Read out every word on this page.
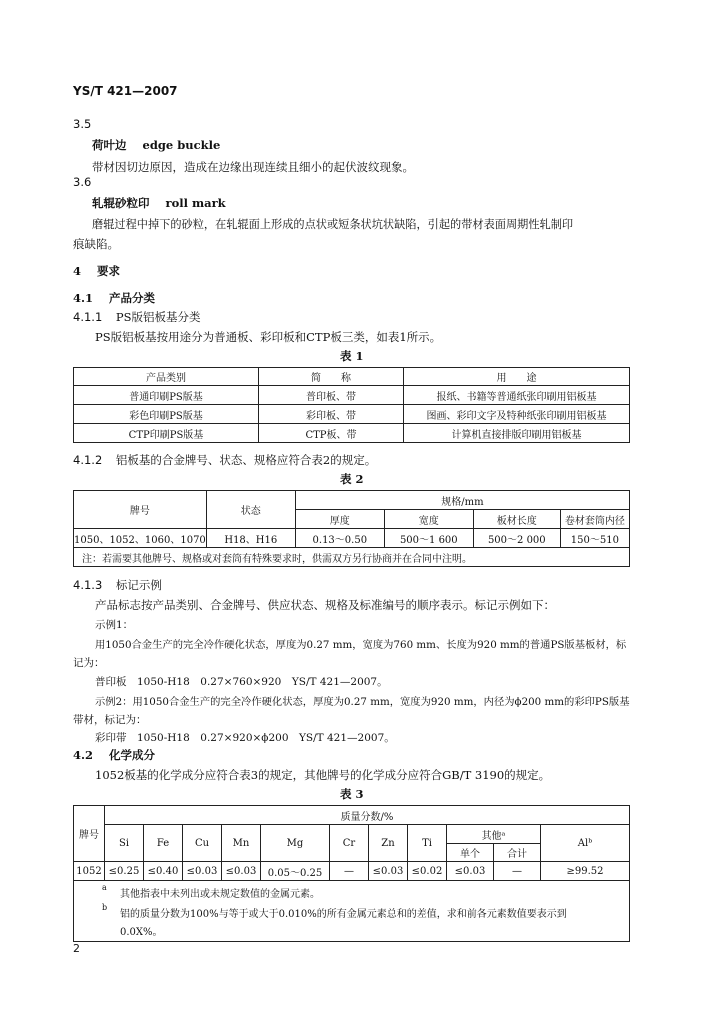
YS/T 421—2007
3.5
荷叶边 edge buckle
带材因切边原因，造成在边缘出现连续且细小的起伏波纹现象。
3.6
轧辊砂粒印 roll mark
磨辊过程中掉下的砂粒，在轧辊面上形成的点状或短条状坑状缺陷，引起的带材表面周期性轧制印
痕缺陷。
4 要求
4.1 产品分类
4.1.1 PS版铝板基分类
PS版铝板基按用途分为普通板、彩印板和CTP板三类，如表1所示。
表 1
产品类别	简　　称	用　　途
普通印刷PS版基	普印板、带	报纸、书籍等普通纸张印刷用铝板基
彩色印刷PS版基	彩印板、带	图画、彩印文字及特种纸张印刷用铝板基
CTP印刷PS版基	CTP板、带	计算机直接排版印刷用铝板基
4.1.2 铝板基的合金牌号、状态、规格应符合表2的规定。
表 2
牌号	状态	规格/mm			
		厚度	宽度	板材长度	卷材套筒内径
1050、1052、1060、1070	H18、H16	0.13～0.50	500～1 600	500～2 000	150～510
注：若需要其他牌号、规格或对套筒有特殊要求时，供需双方另行协商并在合同中注明。					
4.1.3 标记示例
产品标志按产品类别、合金牌号、供应状态、规格及标准编号的顺序表示。标记示例如下：
示例1：
用1050合金生产的完全冷作硬化状态，厚度为0.27 mm，宽度为760 mm、长度为920 mm的普通PS版基板材，标
记为：
普印板　1050-H18　0.27×760×920　YS/T 421—2007。
示例2：用1050合金生产的完全冷作硬化状态，厚度为0.27 mm，宽度为920 mm，内径为ϕ200 mm的彩印PS版基
带材，标记为：
彩印带　1050-H18　0.27×920×ϕ200　YS/T 421—2007。
4.2 化学成分
1052板基的化学成分应符合表3的规定，其他牌号的化学成分应符合GB/T 3190的规定。
表 3
牌号	质量分数/%										
	Si	Fe	Cu	Mn	Mg	Cr	Zn	Ti	其他ᵃ		Alᵇ
									单个	合计	
1052	≤0.25	≤0.40	≤0.03	≤0.03	0.05～0.25	—	≤0.03	≤0.02	≤0.03	—	≥99.52

a
其他指表中未列出或未规定数值的金属元素。
b
铝的质量分数为100%与等于或大于0.010%的所有金属元素总和的差值，求和前各元素数值要表示到
0.0X%。											
2
